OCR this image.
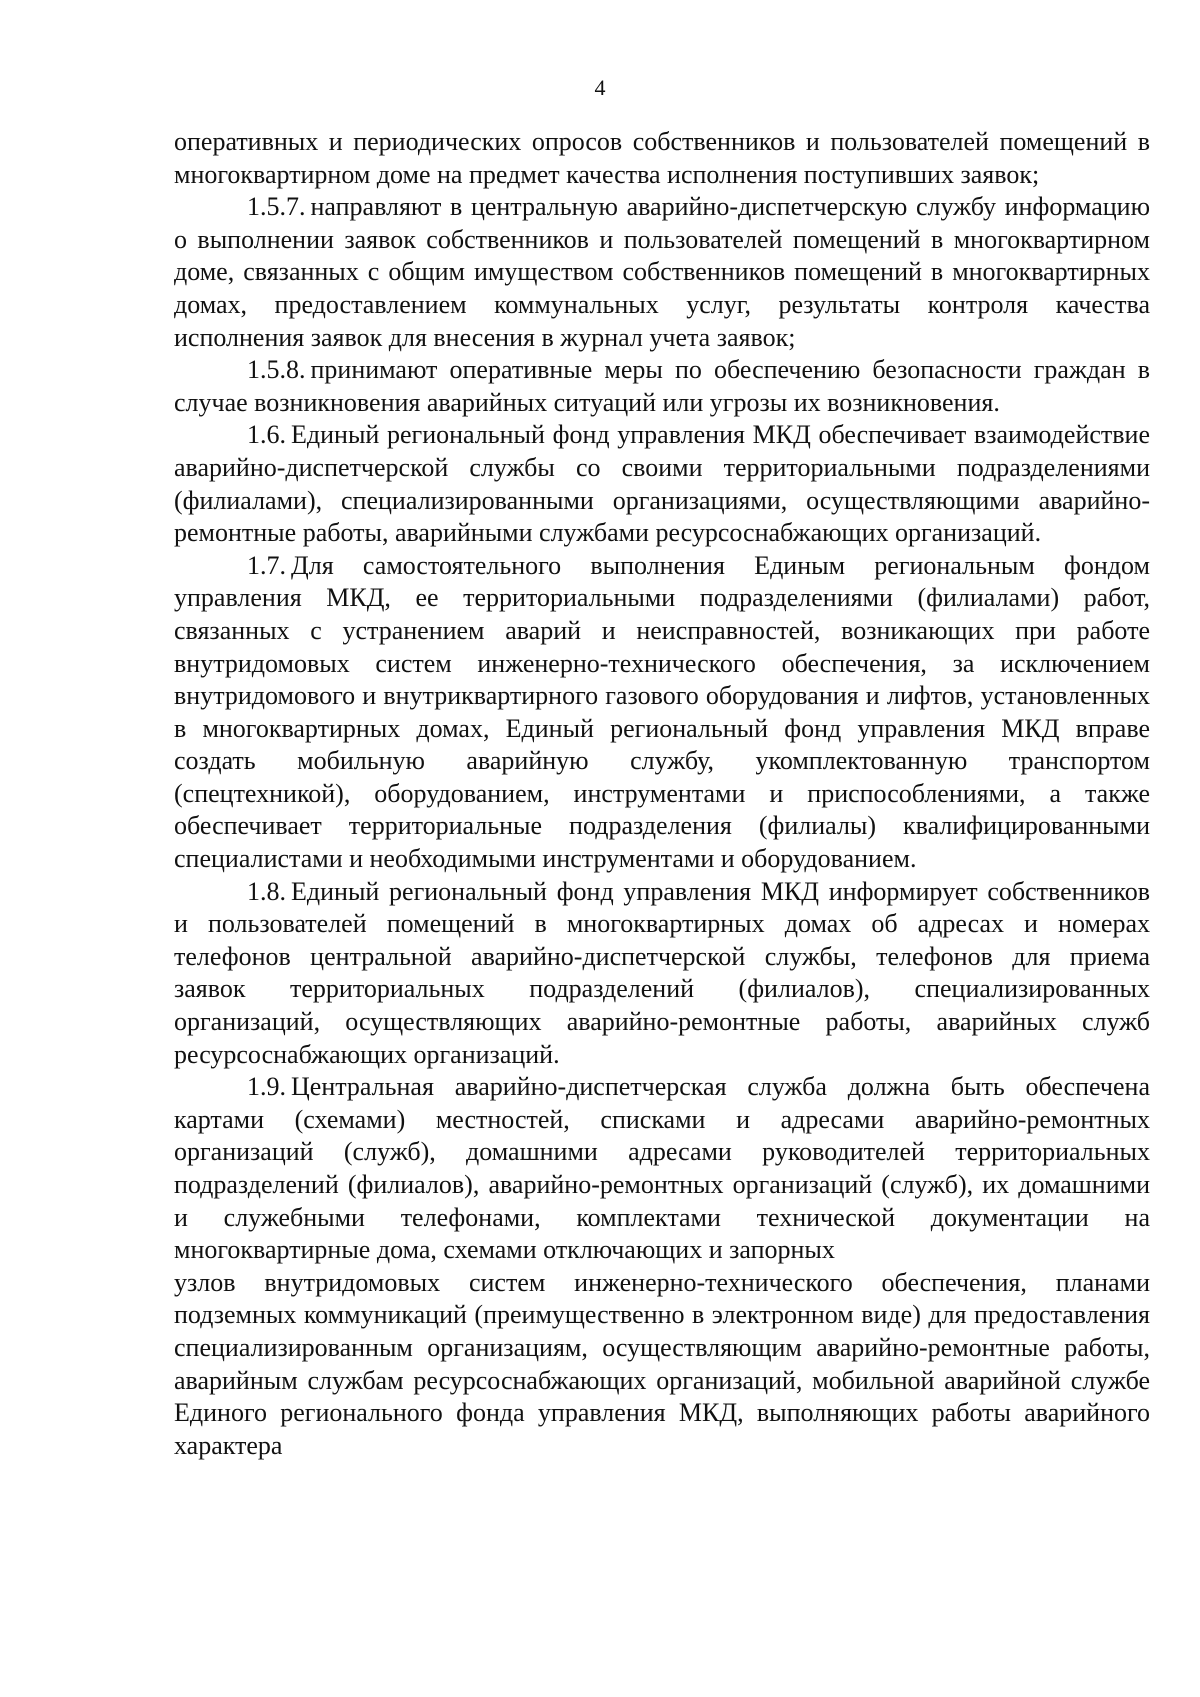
4

оперативных и периодических опросов собственников и пользователей помещений в многоквартирном доме на предмет качества исполнения поступивших заявок;

1.5.7. направляют в центральную аварийно-диспетчерскую службу информацию о выполнении заявок собственников и пользователей помещений в многоквартирном доме, связанных с общим имуществом собственников помещений в многоквартирных домах, предоставлением коммунальных услуг, результаты контроля качества исполнения заявок для внесения в журнал учета заявок;

1.5.8. принимают оперативные меры по обеспечению безопасности граждан в случае возникновения аварийных ситуаций или угрозы их возникновения.

1.6. Единый региональный фонд управления МКД обеспечивает взаимодействие аварийно-диспетчерской службы со своими территориальными подразделениями (филиалами), специализированными организациями, осуществляющими аварийно-ремонтные работы, аварийными службами ресурсоснабжающих организаций.

1.7. Для самостоятельного выполнения Единым региональным фондом управления МКД, ее территориальными подразделениями (филиалами) работ, связанных с устранением аварий и неисправностей, возникающих при работе внутридомовых систем инженерно-технического обеспечения, за исключением внутридомового и внутриквартирного газового оборудования и лифтов, установленных в многоквартирных домах, Единый региональный фонд управления МКД вправе создать мобильную аварийную службу, укомплектованную транспортом (спецтехникой), оборудованием, инструментами и приспособлениями, а также обеспечивает территориальные подразделения (филиалы) квалифицированными специалистами и необходимыми инструментами и оборудованием.

1.8. Единый региональный фонд управления МКД информирует собственников и пользователей помещений в многоквартирных домах об адресах и номерах телефонов центральной аварийно-диспетчерской службы, телефонов для приема заявок территориальных подразделений (филиалов), специализированных организаций, осуществляющих аварийно-ремонтные работы, аварийных служб ресурсоснабжающих организаций.

1.9. Центральная аварийно-диспетчерская служба должна быть обеспечена картами (схемами) местностей, списками и адресами аварийно-ремонтных организаций (служб), домашними адресами руководителей территориальных подразделений (филиалов), аварийно-ремонтных организаций (служб), их домашними и служебными телефонами, комплектами технической документации на многоквартирные дома, схемами отключающих и запорных

узлов внутридомовых систем инженерно-технического обеспечения, планами подземных коммуникаций (преимущественно в электронном виде) для предоставления специализированным организациям, осуществляющим аварийно-ремонтные работы, аварийным службам ресурсоснабжающих организаций, мобильной аварийной службе Единого регионального фонда управления МКД, выполняющих работы аварийного характера
